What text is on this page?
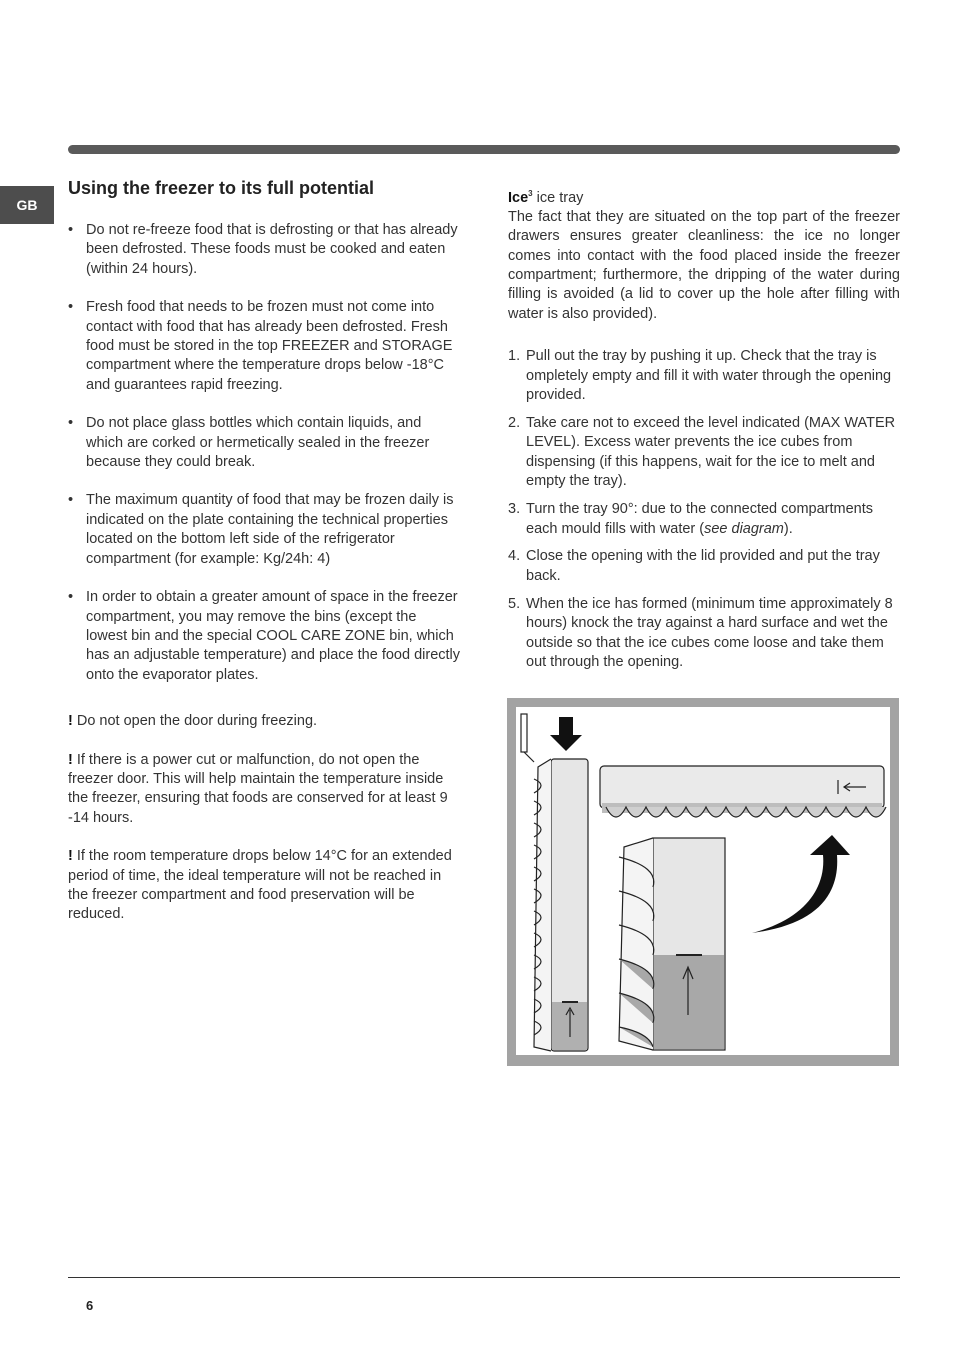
GB
Using the freezer to its full potential
• Do not re-freeze food that is defrosting or that has already been defrosted. These foods must be cooked and eaten (within 24 hours).
• Fresh food that needs to be frozen must not come into contact with food that has already been defrosted. Fresh food must be stored in the top FREEZER and STORAGE compartment where the temperature drops below -18°C and guarantees rapid freezing.
• Do not place glass bottles which contain liquids, and which are corked or hermetically sealed in the freezer because they could break.
• The maximum quantity of food that may be frozen daily is indicated on the plate containing the technical properties located on the bottom left side of the refrigerator compartment (for example: Kg/24h: 4)
• In order to obtain a greater amount of space in the freezer compartment, you may remove the bins (except the lowest bin and the special COOL CARE ZONE bin, which has an adjustable temperature) and place the food directly onto the evaporator plates.

! Do not open the door during freezing.

! If there is a power cut or malfunction, do not open the freezer door. This will help maintain the temperature inside the freezer, ensuring that foods are conserved for at least 9 -14 hours.

! If the room temperature drops below 14°C for an extended period of time, the ideal temperature will not be reached in the freezer compartment and food preservation will be reduced.

Ice$^3$ ice tray

The fact that they are situated on the top part of the freezer drawers ensures greater cleanliness: the ice no longer comes into contact with the food placed inside the freezer compartment; furthermore, the dripping of the water during filling is avoided (a lid to cover up the hole after filling with water is also provided).

1. Pull out the tray by pushing it up. Check that the tray is ompletely empty and fill it with water through the opening provided.
2. Take care not to exceed the level indicated (MAX WATER LEVEL). Excess water prevents the ice cubes from dispensing (if this happens, wait for the ice to melt and empty the tray).
3. Turn the tray 90°: due to the connected compartments each mould fills with water (see diagram).
4. Close the opening with the lid provided and put the tray back.
5. When the ice has formed (minimum time approximately 8 hours) knock the tray against a hard surface and wet the outside so that the ice cubes come loose and take them out through the opening.
6
